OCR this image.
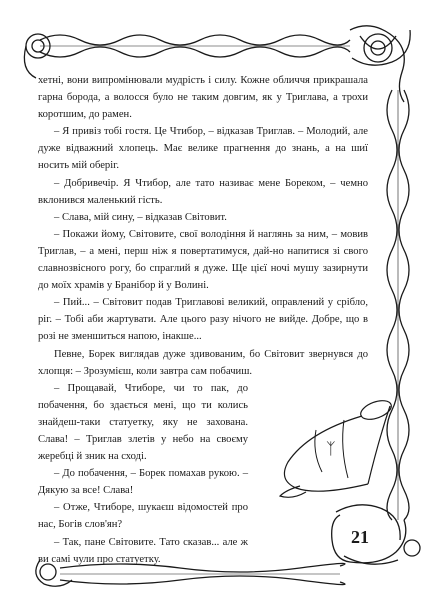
хетні, вони випромінювали мудрість і силу. Кожне обличчя прикрашала гарна борода, а волосся було не таким довгим, як у Триглава, а трохи коротшим, до рамен.

– Я привіз тобі гостя. Це Чтибор, – відказав Триглав. – Молодий, але дуже відважний хлопець. Має велике прагнення до знань, а на шиї носить мій оберіг.

– Добривечір. Я Чтибор, але тато називає мене Бореком, – чемно вклонився маленький гість.

– Слава, мій сину, – відказав Світовит.

– Покажи йому, Світовите, свої володіння й наглянь за ним, – мовив Триглав, – а мені, перш ніж я повертатимуся, дай-но напитися зі свого славнозвісного рогу, бо спраглий я дуже. Ще цієї ночі мушу зазирнути до моїх храмів у Бранібор й у Волині.

– Пий... – Світовит подав Триглавові великий, оправлений у срібло, ріг. – Тобі аби жартувати. Але цього разу нічого не вийде. Добре, що в розі не зменшиться напою, інакше...

Певне, Борек виглядав дуже здивованим, бо Світовит звернувся до хлопця: – Зрозумієш, коли завтра сам побачиш.

– Прощавай, Чтиборе, чи то пак, до побачення, бо здається мені, що ти колись знайдеш-таки статуетку, яку не захована. Слава! – Триглав злетів у небо на своєму жеребці й зник на сході.

– До побачення, – Борек помахав рукою. – Дякую за все! Слава!

– Отже, Чтиборе, шукаєш відомостей про нас, Богів слов'ян?

– Так, пане Світовите. Тато сказав... але ж ви самі чули про статуетку.

ᛉ
21
